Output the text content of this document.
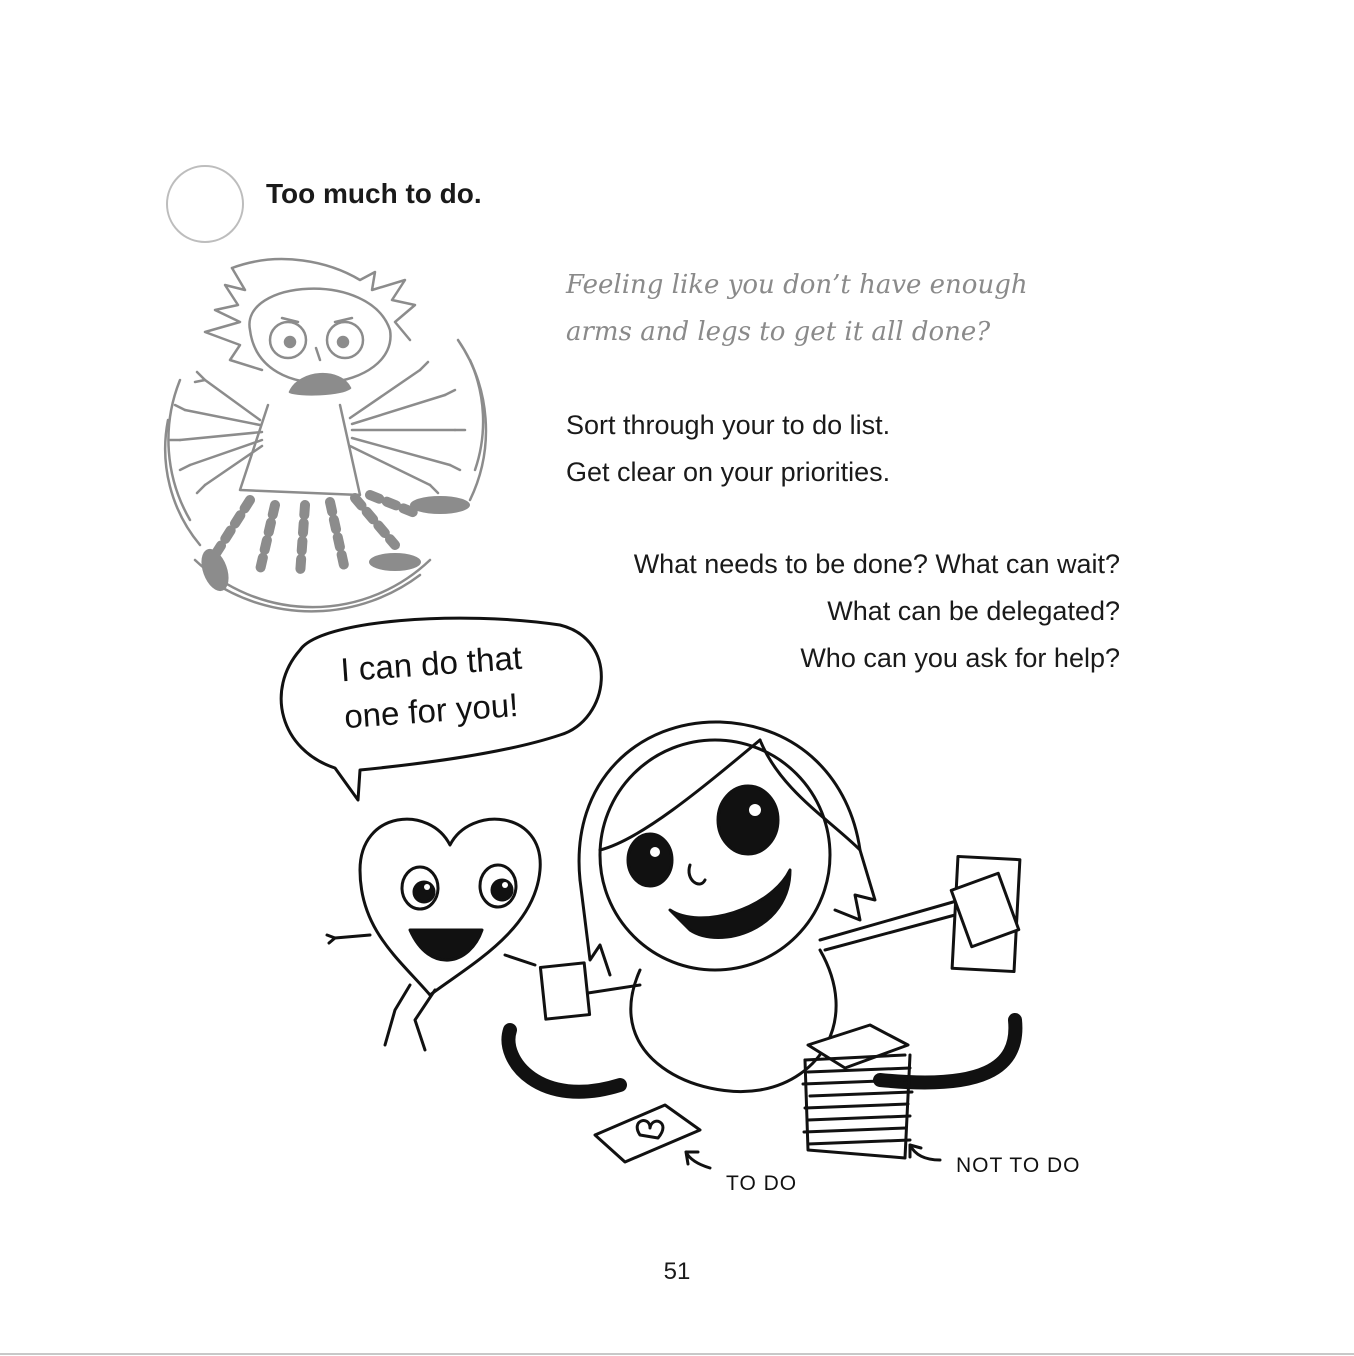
Too much to do.
Feeling like you don’t have enough
arms and legs to get it all done?
Sort through your to do list.
Get clear on your priorities.
What needs to be done? What can wait?
What can be delegated?
Who can you ask for help?
I can do that
one for you!
TO DO
NOT TO DO
51
